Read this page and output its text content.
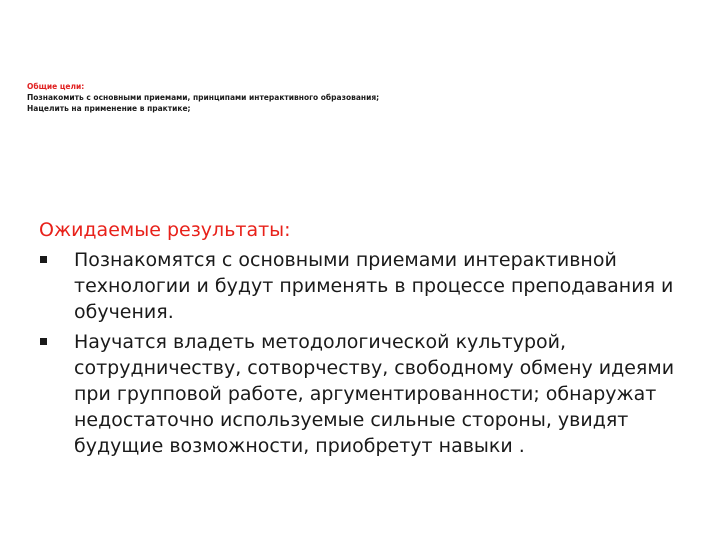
Общие цели:
Познакомить с основными приемами, принципами интерактивного образования;
Нацелить на применение в практике;
Ожидаемые результаты:
Познакомятся с основными приемами интерактивной технологии и будут применять в процессе преподавания и обучения.
Научатся владеть методологической культурой, сотрудничеству, сотворчеству, свободному обмену идеями при групповой работе, аргументированности; обнаружат недостаточно используемые сильные стороны, увидят будущие возможности, приобретут навыки .
